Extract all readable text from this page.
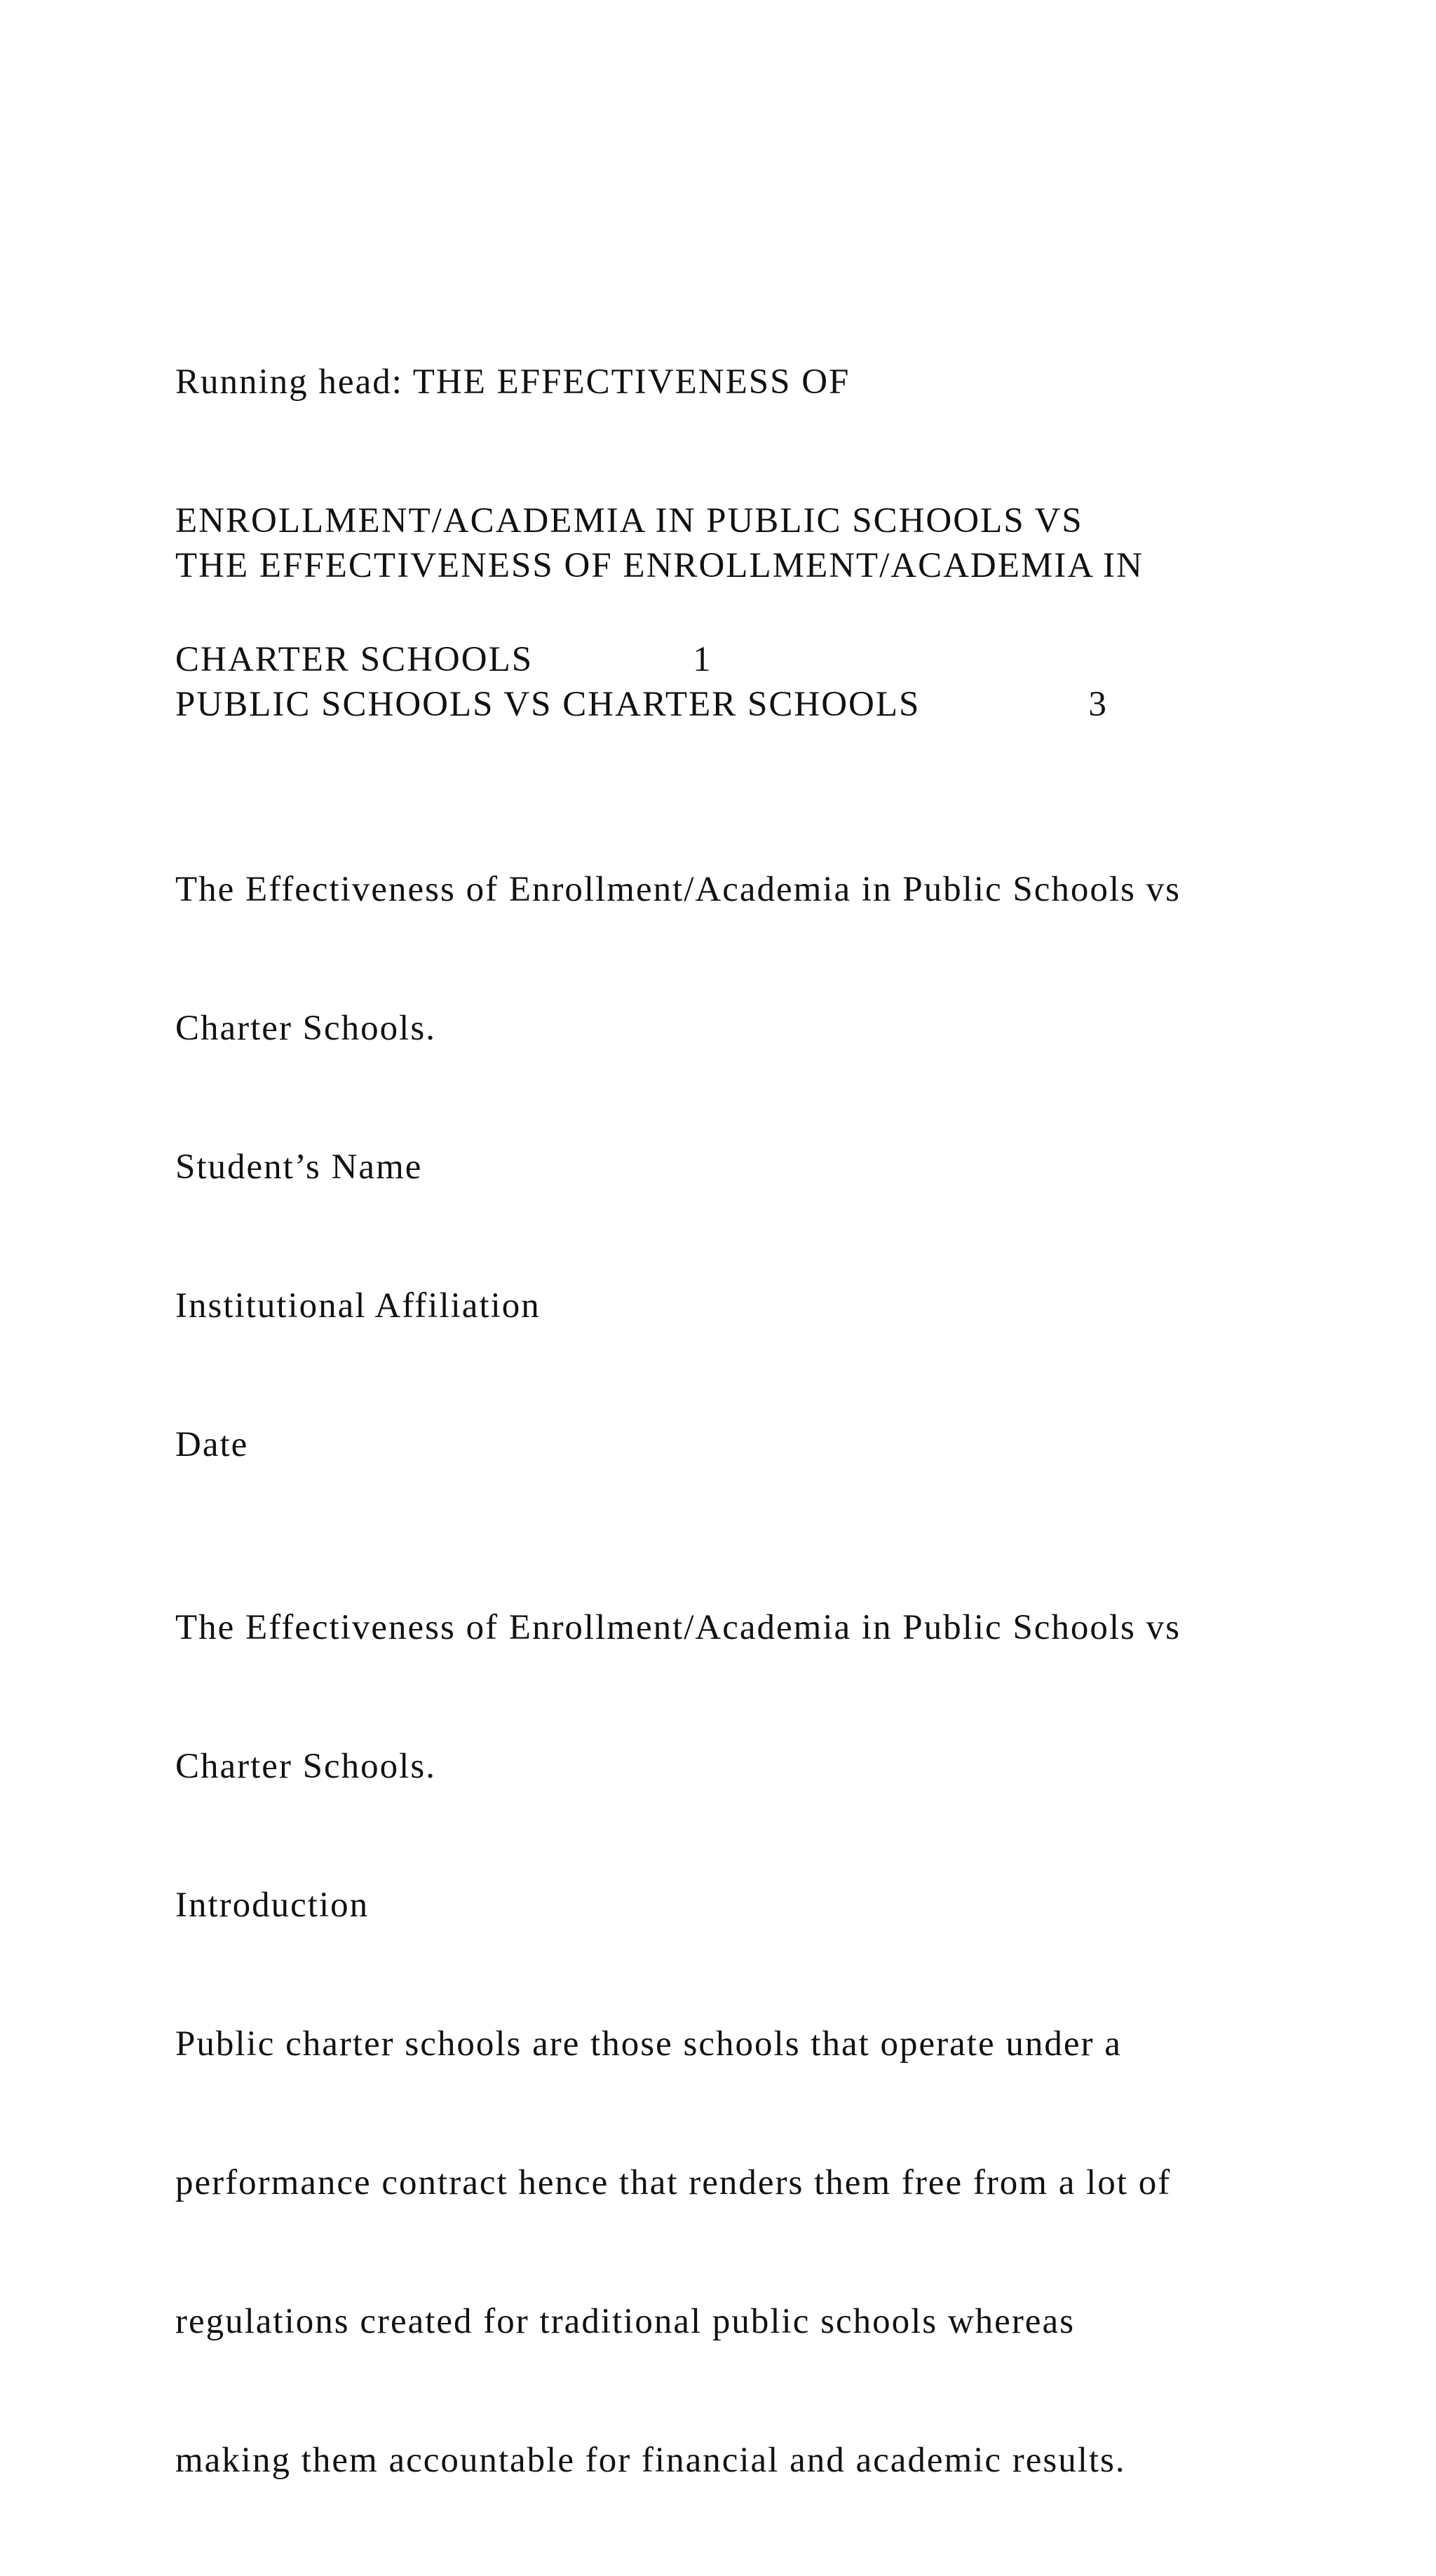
Running head: THE EFFECTIVENESS OF

ENROLLMENT/ACADEMIA IN PUBLIC SCHOOLS VS

CHARTER SCHOOLS	1

THE EFFECTIVENESS OF ENROLLMENT/ACADEMIA IN

PUBLIC SCHOOLS VS CHARTER SCHOOLS	3

The Effectiveness of Enrollment/Academia in Public Schools vs

Charter Schools.

Student’s Name

Institutional Affiliation

Date

The Effectiveness of Enrollment/Academia in Public Schools vs

Charter Schools.

Introduction

Public charter schools are those schools that operate under a

performance contract hence that renders them free from a lot of

regulations created for traditional public schools whereas

making them accountable for financial and academic results.
